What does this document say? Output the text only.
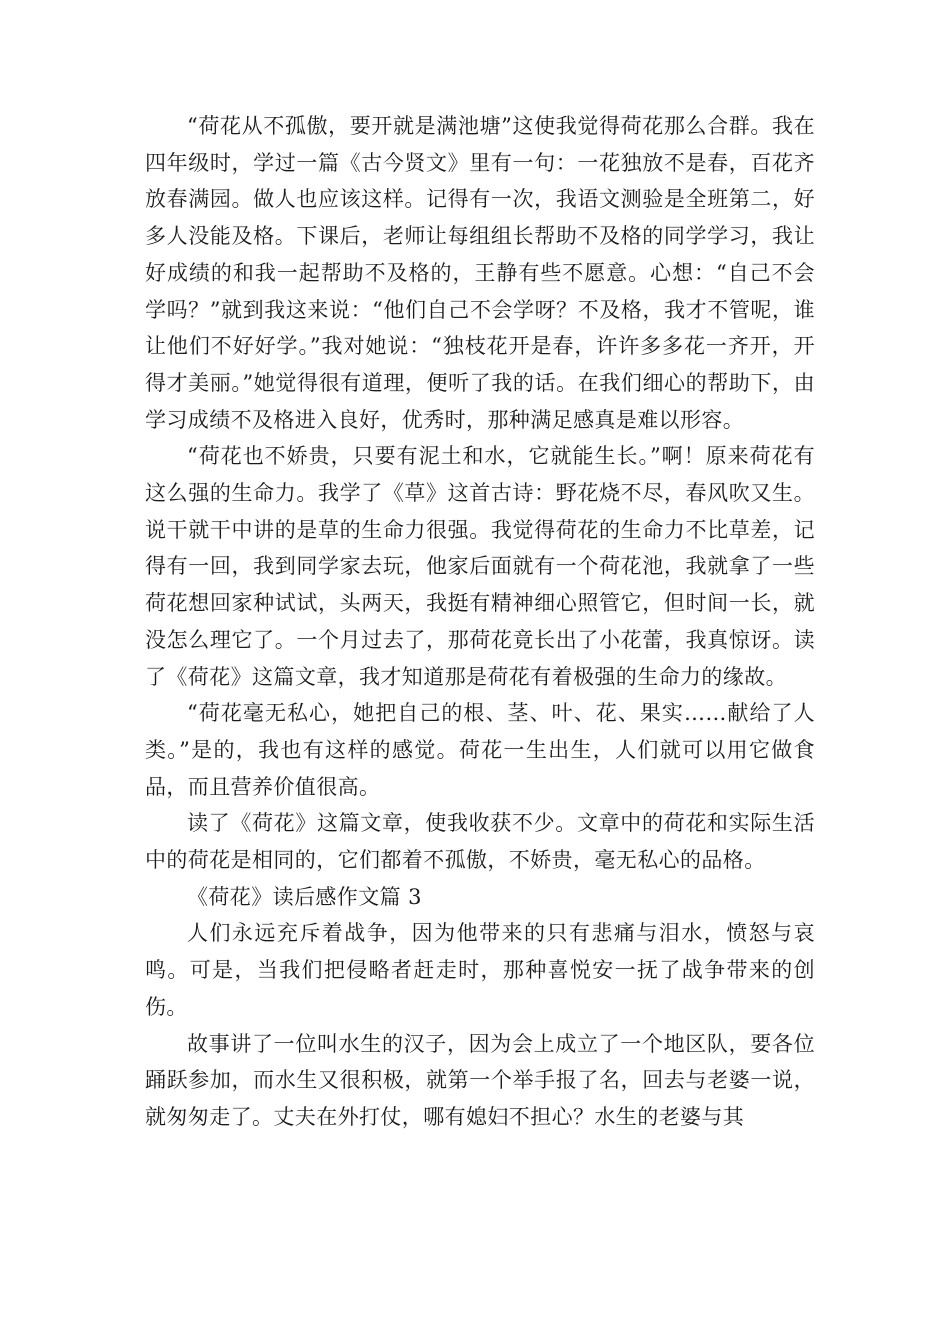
“荷花从不孤傲，要开就是满池塘”这使我觉得荷花那么合群。我在四年级时，学过一篇《古今贤文》里有一句：一花独放不是春，百花齐放春满园。做人也应该这样。记得有一次，我语文测验是全班第二，好多人没能及格。下课后，老师让每组组长帮助不及格的同学学习，我让好成绩的和我一起帮助不及格的，王静有些不愿意。心想：“自己不会学吗？”就到我这来说：“他们自己不会学呀？不及格，我才不管呢，谁让他们不好好学。”我对她说：“独枝花开是春，许许多多花一齐开，开得才美丽。”她觉得很有道理，便听了我的话。在我们细心的帮助下，由学习成绩不及格进入良好，优秀时，那种满足感真是难以形容。

“荷花也不娇贵，只要有泥土和水，它就能生长。”啊！原来荷花有这么强的生命力。我学了《草》这首古诗：野花烧不尽，春风吹又生。说干就干中讲的是草的生命力很强。我觉得荷花的生命力不比草差，记得有一回，我到同学家去玩，他家后面就有一个荷花池，我就拿了一些荷花想回家种试试，头两天，我挺有精神细心照管它，但时间一长，就没怎么理它了。一个月过去了，那荷花竟长出了小花蕾，我真惊讶。读了《荷花》这篇文章，我才知道那是荷花有着极强的生命力的缘故。

“荷花毫无私心，她把自己的根、茎、叶、花、果实……献给了人类。”是的，我也有这样的感觉。荷花一生出生，人们就可以用它做食品，而且营养价值很高。

读了《荷花》这篇文章，使我收获不少。文章中的荷花和实际生活中的荷花是相同的，它们都着不孤傲，不娇贵，毫无私心的品格。

《荷花》读后感作文篇 3

人们永远充斥着战争，因为他带来的只有悲痛与泪水，愤怒与哀鸣。可是，当我们把侵略者赶走时，那种喜悦安一抚了战争带来的创伤。

故事讲了一位叫水生的汉子，因为会上成立了一个地区队，要各位踊跃参加，而水生又很积极，就第一个举手报了名，回去与老婆一说，就匆匆走了。丈夫在外打仗，哪有媳妇不担心？水生的老婆与其
